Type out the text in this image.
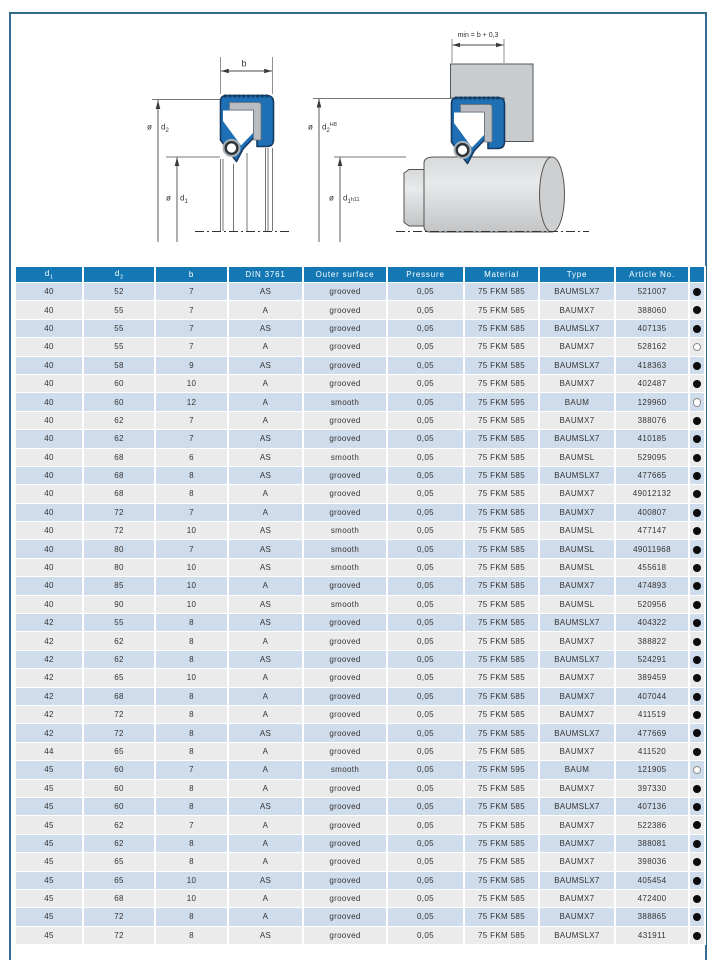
b
ø $d_2$
ø $d_1$
min = b + 0,3
ø $d_2^{H8}$
ø $d_1^{h11}$
$d_1$	$d_2$	b	DIN 3761	Outer surface	Pressure	Material	Type	Article No.	
40	52	7	AS	grooved	0,05	75 FKM 585	BAUMSLX7	521007	
40	55	7	A	grooved	0,05	75 FKM 585	BAUMX7	388060	
40	55	7	AS	grooved	0,05	75 FKM 585	BAUMSLX7	407135	
40	55	7	A	grooved	0,05	75 FKM 585	BAUMX7	528162	
40	58	9	AS	grooved	0,05	75 FKM 585	BAUMSLX7	418363	
40	60	10	A	grooved	0,05	75 FKM 585	BAUMX7	402487	
40	60	12	A	smooth	0,05	75 FKM 595	BAUM	129960	
40	62	7	A	grooved	0,05	75 FKM 585	BAUMX7	388076	
40	62	7	AS	grooved	0,05	75 FKM 585	BAUMSLX7	410185	
40	68	6	AS	smooth	0,05	75 FKM 585	BAUMSL	529095	
40	68	8	AS	grooved	0,05	75 FKM 585	BAUMSLX7	477665	
40	68	8	A	grooved	0,05	75 FKM 585	BAUMX7	49012132	
40	72	7	A	grooved	0,05	75 FKM 585	BAUMX7	400807	
40	72	10	AS	smooth	0,05	75 FKM 585	BAUMSL	477147	
40	80	7	AS	smooth	0,05	75 FKM 585	BAUMSL	49011968	
40	80	10	AS	smooth	0,05	75 FKM 585	BAUMSL	455618	
40	85	10	A	grooved	0,05	75 FKM 585	BAUMX7	474893	
40	90	10	AS	smooth	0,05	75 FKM 585	BAUMSL	520956	
42	55	8	AS	grooved	0,05	75 FKM 585	BAUMSLX7	404322	
42	62	8	A	grooved	0,05	75 FKM 585	BAUMX7	388822	
42	62	8	AS	grooved	0,05	75 FKM 585	BAUMSLX7	524291	
42	65	10	A	grooved	0,05	75 FKM 585	BAUMX7	389459	
42	68	8	A	grooved	0,05	75 FKM 585	BAUMX7	407044	
42	72	8	A	grooved	0,05	75 FKM 585	BAUMX7	411519	
42	72	8	AS	grooved	0,05	75 FKM 585	BAUMSLX7	477669	
44	65	8	A	grooved	0,05	75 FKM 585	BAUMX7	411520	
45	60	7	A	smooth	0,05	75 FKM 595	BAUM	121905	
45	60	8	A	grooved	0,05	75 FKM 585	BAUMX7	397330	
45	60	8	AS	grooved	0,05	75 FKM 585	BAUMSLX7	407136	
45	62	7	A	grooved	0,05	75 FKM 585	BAUMX7	522386	
45	62	8	A	grooved	0,05	75 FKM 585	BAUMX7	388081	
45	65	8	A	grooved	0,05	75 FKM 585	BAUMX7	398036	
45	65	10	AS	grooved	0,05	75 FKM 585	BAUMSLX7	405454	
45	68	10	A	grooved	0,05	75 FKM 585	BAUMX7	472400	
45	72	8	A	grooved	0,05	75 FKM 585	BAUMX7	388865	
45	72	8	AS	grooved	0,05	75 FKM 585	BAUMSLX7	431911	
